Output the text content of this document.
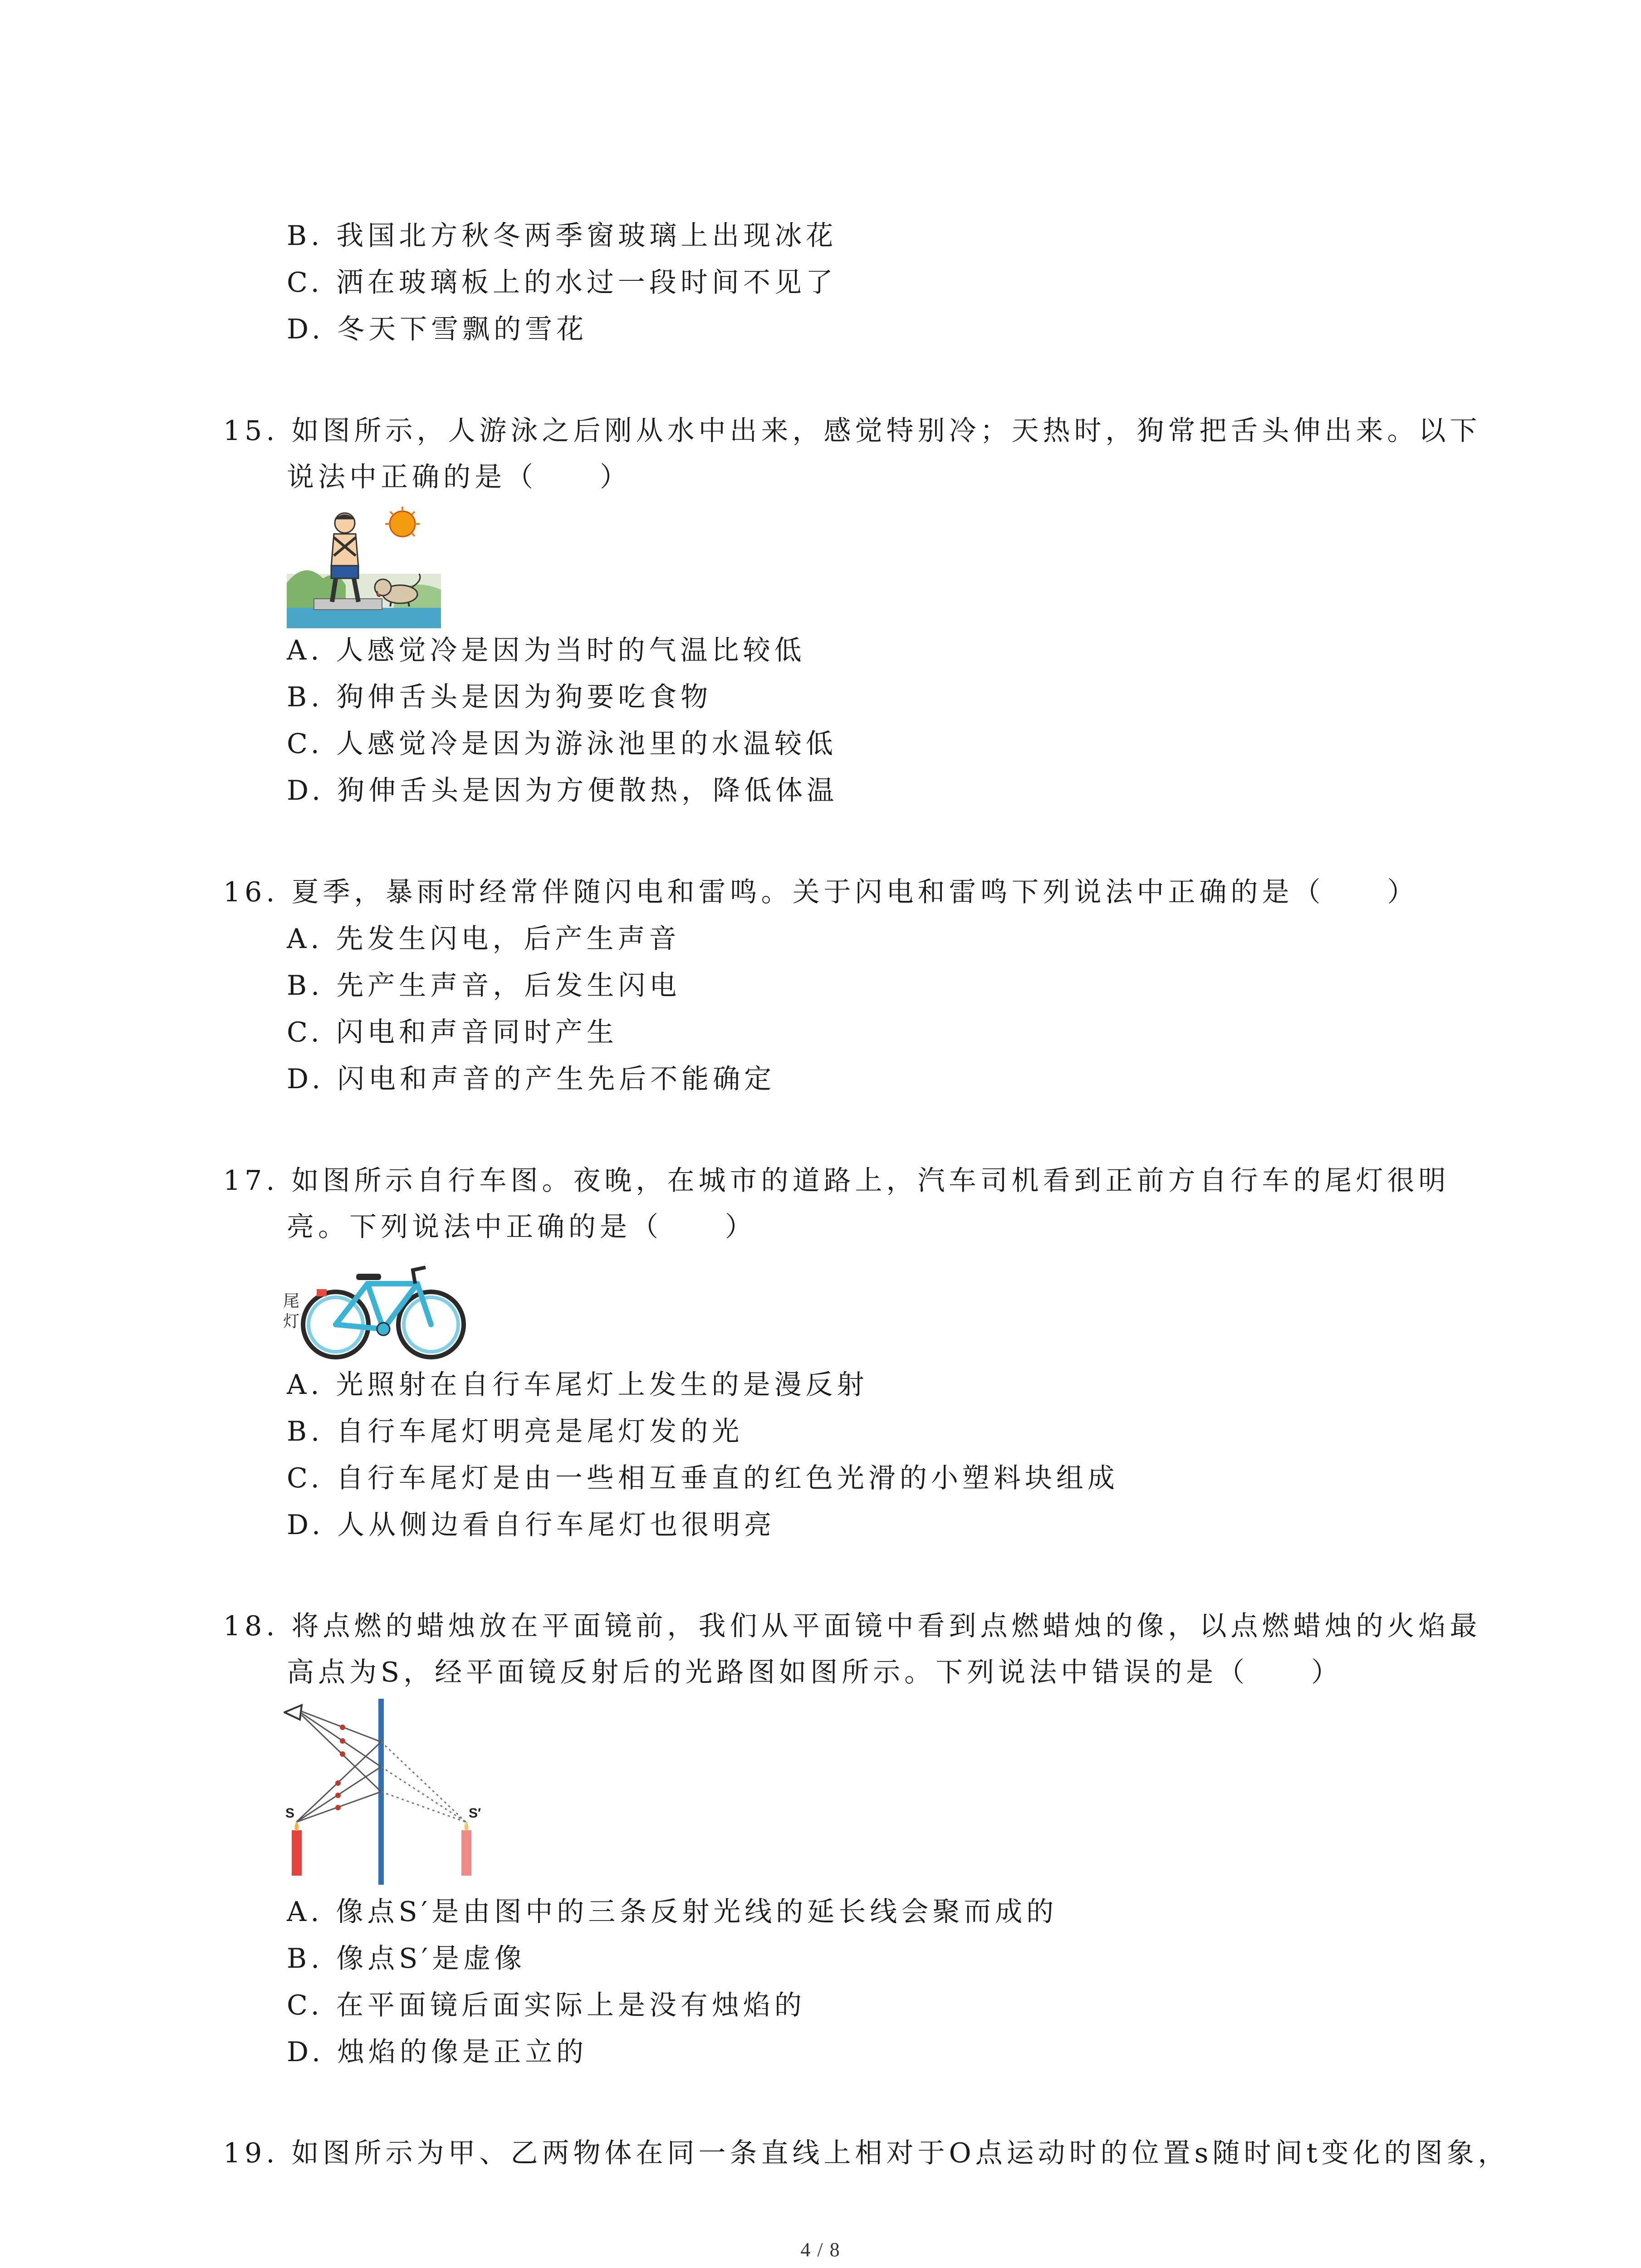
B. 我国北方秋冬两季窗玻璃上出现冰花
C. 洒在玻璃板上的水过一段时间不见了
D. 冬天下雪飘的雪花
15. 如图所示，人游泳之后刚从水中出来，感觉特别冷；天热时，狗常把舌头伸出来。以下
说法中正确的是（　　）
A. 人感觉冷是因为当时的气温比较低
B. 狗伸舌头是因为狗要吃食物
C. 人感觉冷是因为游泳池里的水温较低
D. 狗伸舌头是因为方便散热，降低体温
16. 夏季，暴雨时经常伴随闪电和雷鸣。关于闪电和雷鸣下列说法中正确的是（　　）
A. 先发生闪电，后产生声音
B. 先产生声音，后发生闪电
C. 闪电和声音同时产生
D. 闪电和声音的产生先后不能确定
17. 如图所示自行车图。夜晚，在城市的道路上，汽车司机看到正前方自行车的尾灯很明
亮。下列说法中正确的是（　　）
尾
灯
A. 光照射在自行车尾灯上发生的是漫反射
B. 自行车尾灯明亮是尾灯发的光
C. 自行车尾灯是由一些相互垂直的红色光滑的小塑料块组成
D. 人从侧边看自行车尾灯也很明亮
18. 将点燃的蜡烛放在平面镜前，我们从平面镜中看到点燃蜡烛的像，以点燃蜡烛的火焰最
高点为S，经平面镜反射后的光路图如图所示。下列说法中错误的是（　　）
S	S′
A. 像点S′是由图中的三条反射光线的延长线会聚而成的
B. 像点S′是虚像
C. 在平面镜后面实际上是没有烛焰的
D. 烛焰的像是正立的
19. 如图所示为甲、乙两物体在同一条直线上相对于O点运动时的位置s随时间t变化的图象，
4 / 8
